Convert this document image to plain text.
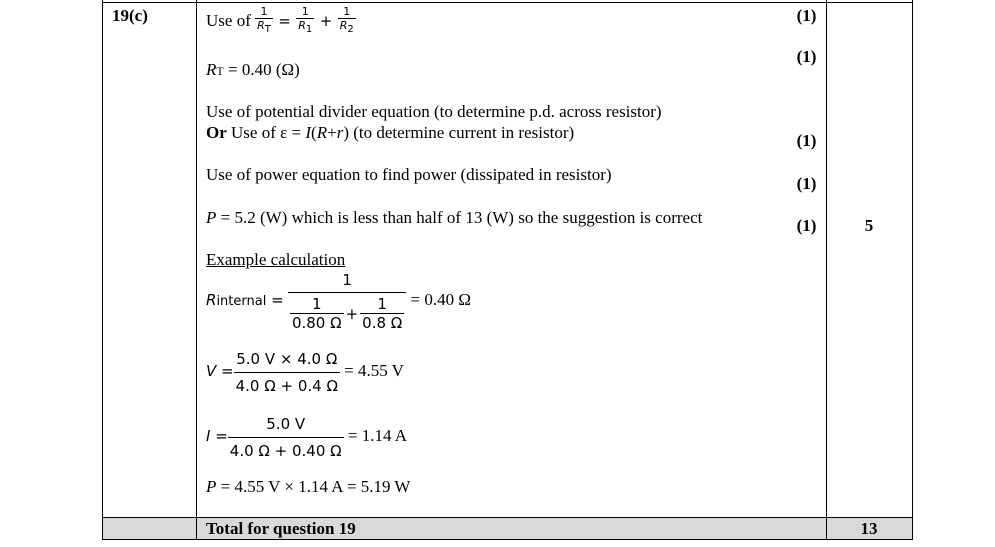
19(c)	Use of $\frac{1}{R_T} = \frac{1}{R_1} + \frac{1}{R_2}$	(1)
RT = 0.40 (Ω)
(1)
Use of potential divider equation (to determine p.d. across resistor)
Or Use of ε = I(R+r) (to determine current in resistor)	(1)
Use of power equation to find power (dissipated in resistor)	(1)
P = 5.2 (W) which is less than half of 13 (W) so the suggestion is correct	(1)	5
Example calculation
Rinternal = $\frac{1}{\frac{1}{0.80 \Omega} + \frac{1}{0.8 \Omega}} = 0.40$ Ω
$V = \frac{5.0 V \times 4.0 \Omega}{4.0 \Omega + 0.4 \Omega} = 4.55$ V
$I = \frac{5.0 V}{4.0 \Omega + 0.40 \Omega} = 1.14$ A
P = 4.55 V × 1.14 A = 5.19 W
Total for question 19	13
